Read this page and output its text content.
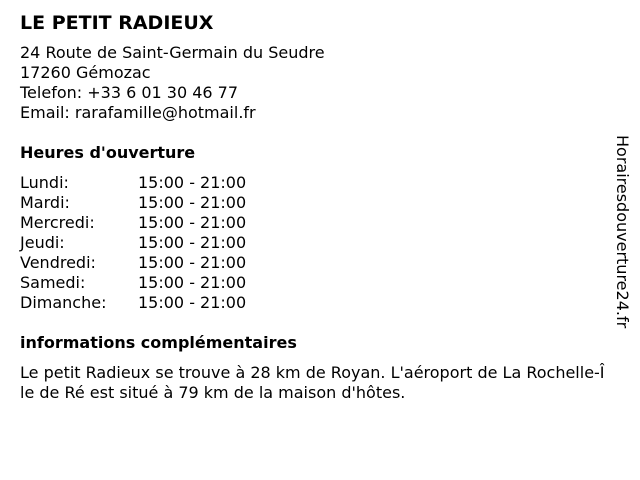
LE PETIT RADIEUX
24 Route de Saint-Germain du Seudre
17260 Gémozac
Telefon: +33 6 01 30 46 77
Email: rarafamille@hotmail.fr
Heures d'ouverture
Lundi:	15:00 - 21:00
Mardi:	15:00 - 21:00
Mercredi:	15:00 - 21:00
Jeudi:	15:00 - 21:00
Vendredi:	15:00 - 21:00
Samedi:	15:00 - 21:00
Dimanche:	15:00 - 21:00
informations complémentaires
Le petit Radieux se trouve à 28 km de Royan. L'aéroport de La Rochelle-Île de Ré est situé à 79 km de la maison d'hôtes.
Horairesdouverture24.fr
